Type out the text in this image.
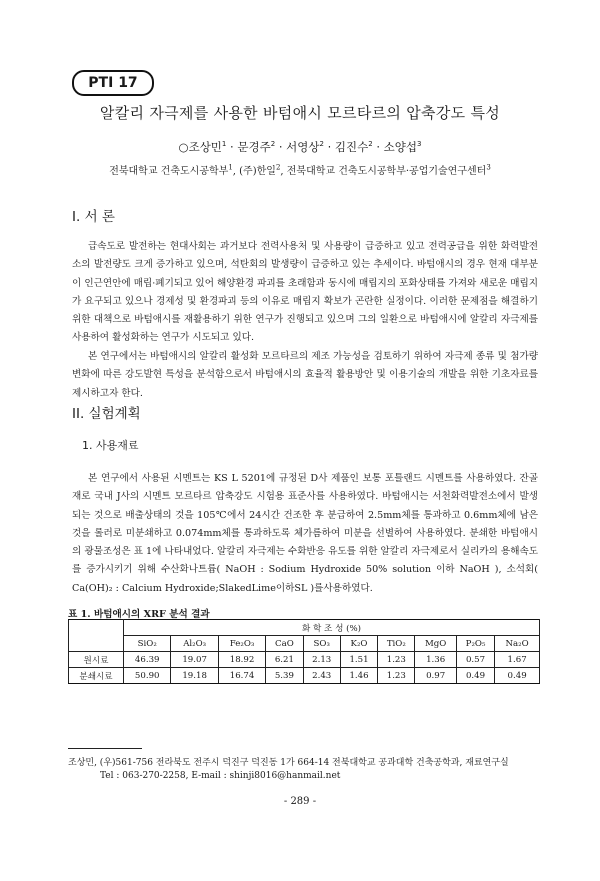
PTI 17
알칼리 자극제를 사용한 바텀애시 모르타르의 압축강도 특성
○조상민$^1$ · 문경주$^2$ · 서영상$^2$ · 김진수$^2$ · 소양섭$^3$
전북대학교 건축도시공학부$^1$, (주)한일$^2$, 전북대학교 건축도시공학부·공업기술연구센터$^3$
I. 서 론
급속도로 발전하는 현대사회는 과거보다 전력사용처 및 사용량이 급증하고 있고 전력공급을 위한 화력발전소의 발전량도 크게 증가하고 있으며, 석탄회의 발생량이 급증하고 있는 추세이다. 바텀애시의 경우 현재 대부분이 인근연안에 매립·폐기되고 있어 해양환경 파괴를 초래함과 동시에 매립지의 포화상태를 가져와 새로운 매립지가 요구되고 있으나 경제성 및 환경파괴 등의 이유로 매립지 확보가 곤란한 실정이다. 이러한 문제점을 해결하기 위한 대책으로 바텀애시를 재활용하기 위한 연구가 진행되고 있으며 그의 일환으로 바텀애시에 알칼리 자극제를 사용하여 활성화하는 연구가 시도되고 있다.
본 연구에서는 바텀애시의 알칼리 활성화 모르타르의 제조 가능성을 검토하기 위하여 자극제 종류 및 첨가량 변화에 따른 강도발현 특성을 분석함으로서 바텀애시의 효율적 활용방안 및 이용기술의 개발을 위한 기초자료를 제시하고자 한다.
II. 실험계획
1. 사용재료
본 연구에서 사용된 시멘트는 KS L 5201에 규정된 D사 제품인 보통 포틀랜드 시멘트를 사용하였다. 잔골재로 국내 J사의 시멘트 모르타르 압축강도 시험용 표준사를 사용하였다. 바텀애시는 서천화력발전소에서 발생되는 것으로 배출상태의 것을 105℃에서 24시간 건조한 후 분급하여 2.5mm체를 통과하고 0.6mm체에 남은 것을 롤러로 미분쇄하고 0.074mm체를 통과하도록 체가름하여 미분을 선별하여 사용하였다. 분쇄한 바텀애시의 광물조성은 표 1에 나타내었다. 알칼리 자극제는 수화반응 유도를 위한 알칼리 자극제로서 실리카의 용해속도를 증가시키기 위해 수산화나트륨( NaOH : Sodium Hydroxide 50% solution 이하 NaOH ), 소석회( Ca(OH)₂ : Calcium Hydroxide;SlakedLime이하SL )를사용하였다.
표 1. 바텀애시의 XRF 분석 결과
	화 학 조 성 (%)									
	SiO₂	Al₂O₃	Fe₂O₃	CaO	SO₃	K₂O	TiO₂	MgO	P₂O₅	Na₂O
원시료	46.39	19.07	18.92	6.21	2.13	1.51	1.23	1.36	0.57	1.67
분쇄시료	50.90	19.18	16.74	5.39	2.43	1.46	1.23	0.97	0.49	0.49
조상민, (우)561-756 전라북도 전주시 덕진구 덕진동 1가 664-14 전북대학교 공과대학 건축공학과, 재료연구실
Tel : 063-270-2258, E-mail : shinji8016@hanmail.net
- 289 -
